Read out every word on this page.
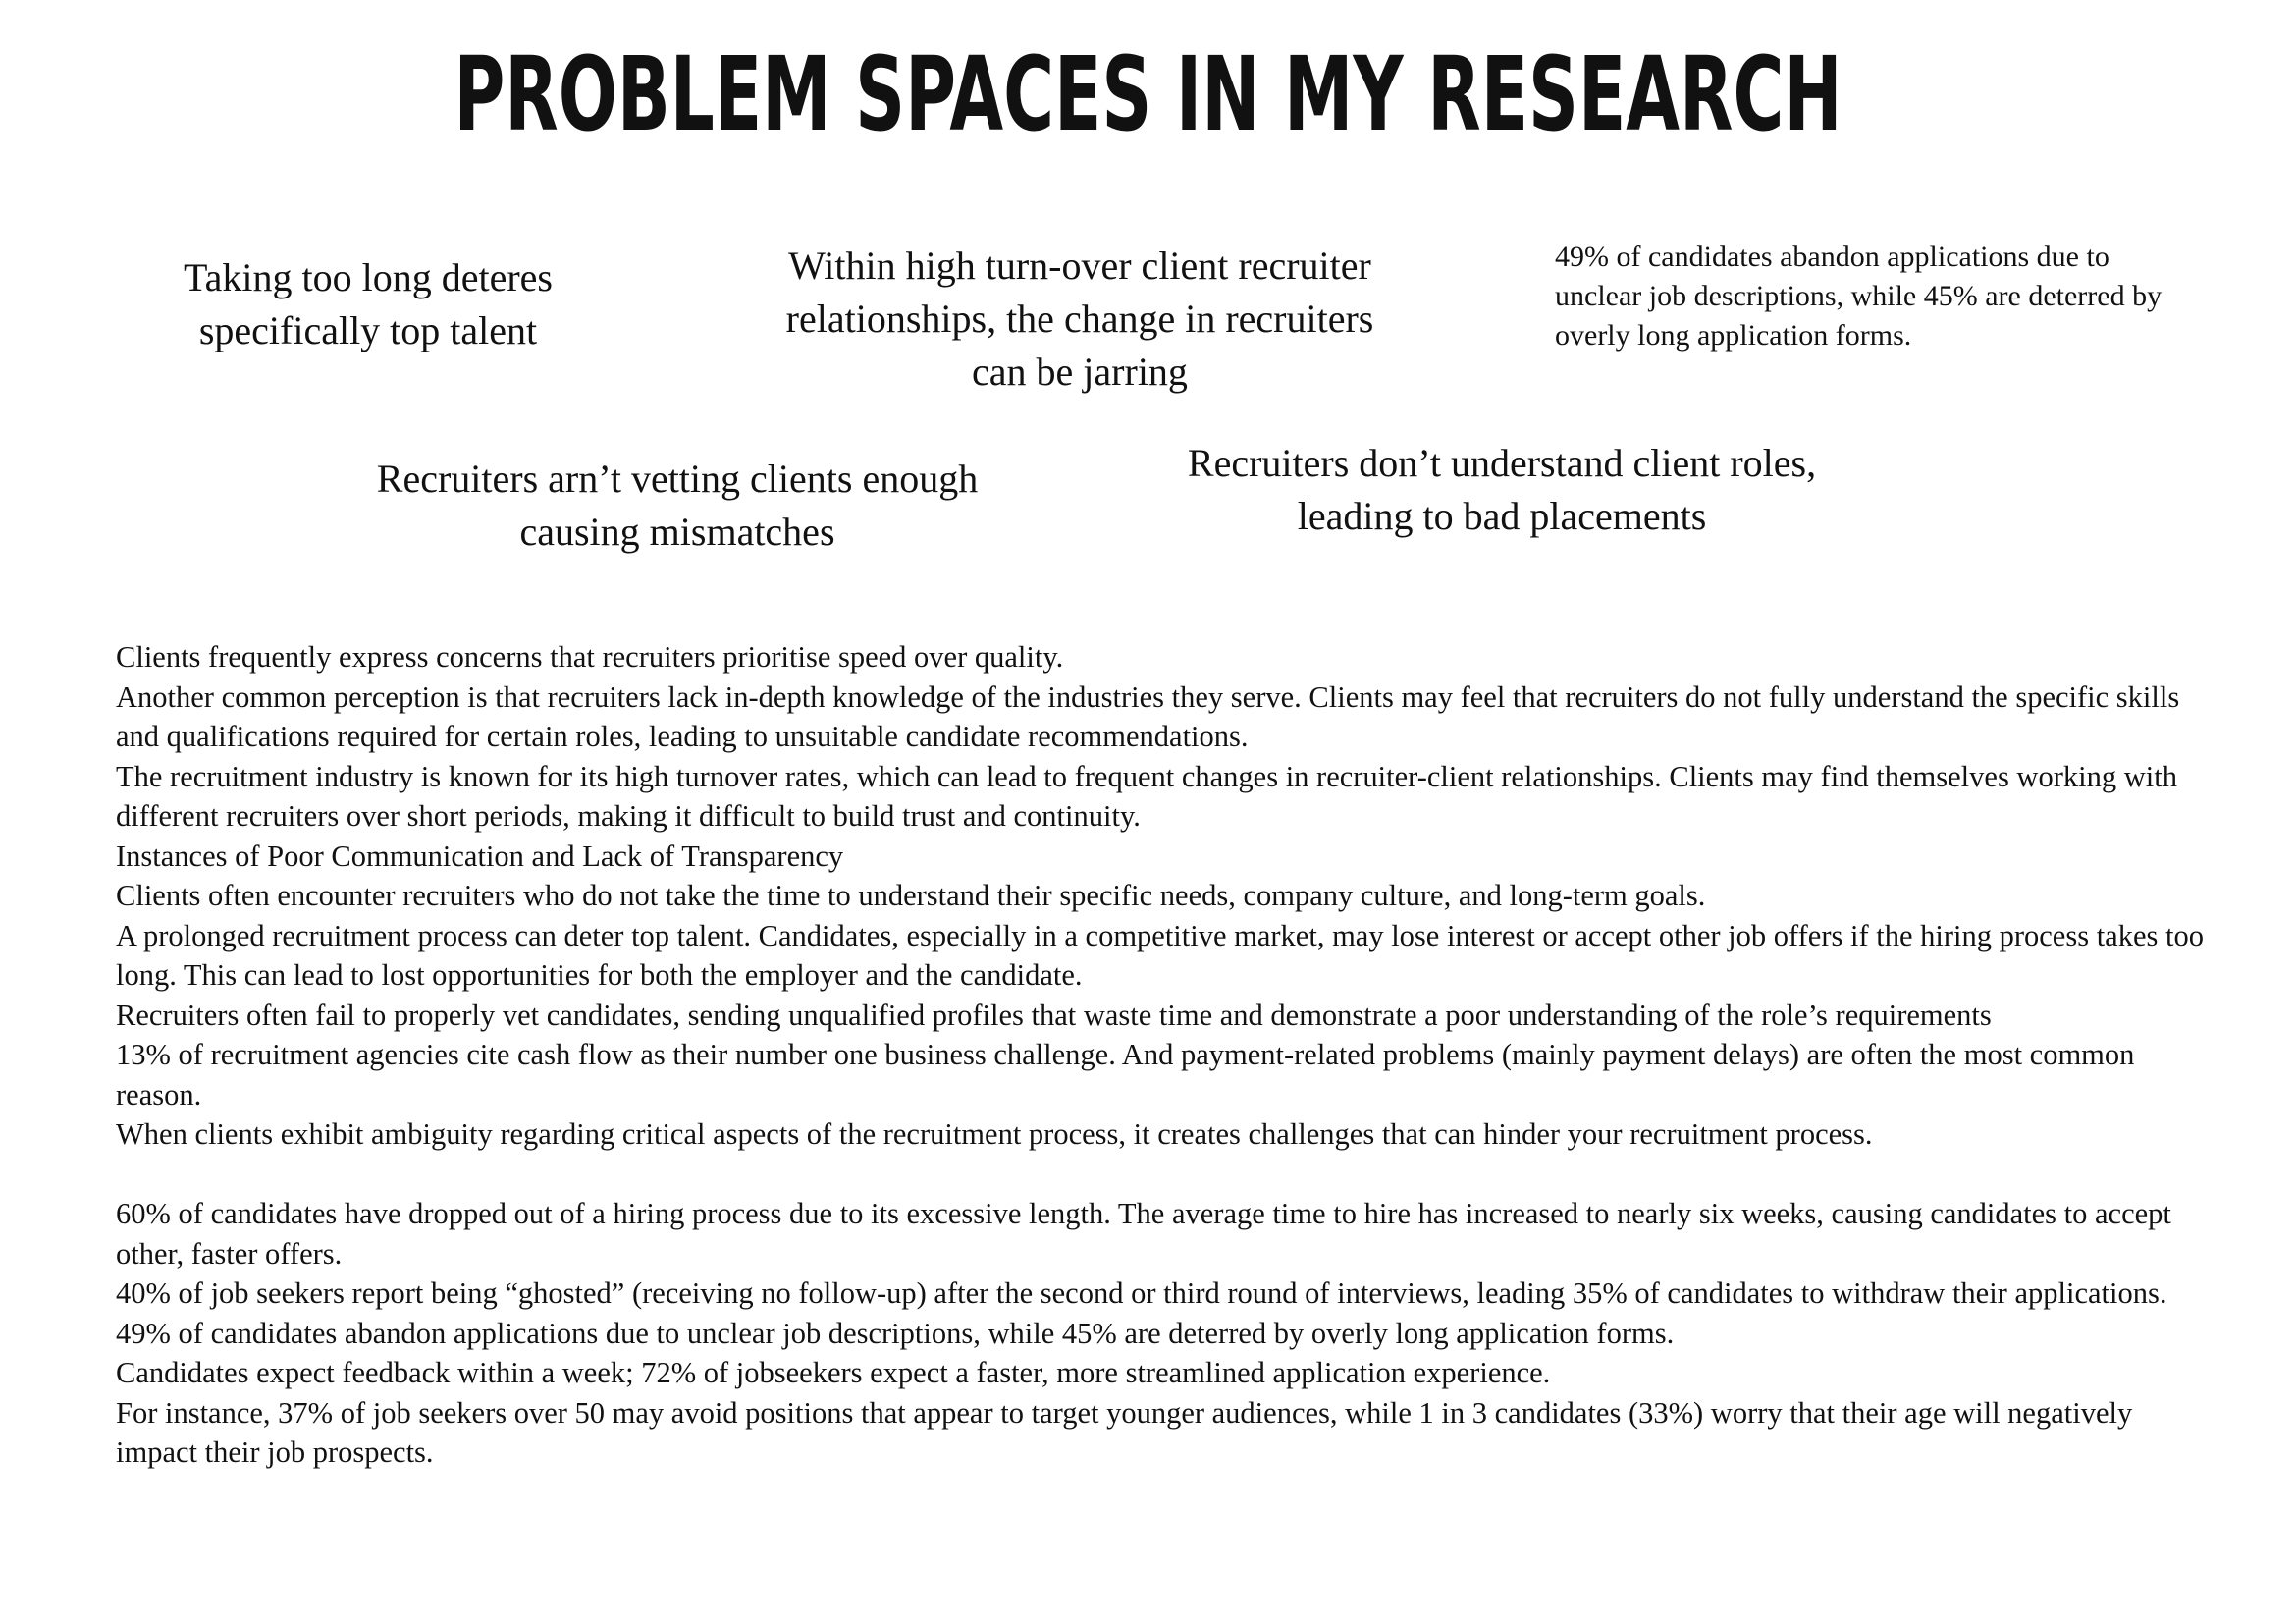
PROBLEM SPACES IN MY RESEARCH
Taking too long deteres specifically top talent
Within high turn-over client recruiter relationships, the change in recruiters can be jarring
49% of candidates abandon applications due to unclear job descriptions, while 45% are deterred by overly long application forms.
Recruiters arn’t vetting clients enough causing mismatches
Recruiters don’t understand client roles, leading to bad placements

Clients frequently express concerns that recruiters prioritise speed over quality.

Another common perception is that recruiters lack in-depth knowledge of the industries they serve. Clients may feel that recruiters do not fully understand the specific skills and qualifications required for certain roles, leading to unsuitable candidate recommendations.

The recruitment industry is known for its high turnover rates, which can lead to frequent changes in recruiter-client relationships. Clients may find themselves working with different recruiters over short periods, making it difficult to build trust and continuity.

Instances of Poor Communication and Lack of Transparency

Clients often encounter recruiters who do not take the time to understand their specific needs, company culture, and long-term goals.

A prolonged recruitment process can deter top talent. Candidates, especially in a competitive market, may lose interest or accept other job offers if the hiring process takes too long. This can lead to lost opportunities for both the employer and the candidate.

Recruiters often fail to properly vet candidates, sending unqualified profiles that waste time and demonstrate a poor understanding of the role’s requirements

13% of recruitment agencies cite cash flow as their number one business challenge. And payment-related problems (mainly payment delays) are often the most common reason.

When clients exhibit ambiguity regarding critical aspects of the recruitment process, it creates challenges that can hinder your recruitment process.

60% of candidates have dropped out of a hiring process due to its excessive length. The average time to hire has increased to nearly six weeks, causing candidates to accept other, faster offers.

40% of job seekers report being “ghosted” (receiving no follow-up) after the second or third round of interviews, leading 35% of candidates to withdraw their applications.

49% of candidates abandon applications due to unclear job descriptions, while 45% are deterred by overly long application forms.

Candidates expect feedback within a week; 72% of jobseekers expect a faster, more streamlined application experience.

For instance, 37% of job seekers over 50 may avoid positions that appear to target younger audiences, while 1 in 3 candidates (33%) worry that their age will negatively impact their job prospects.
